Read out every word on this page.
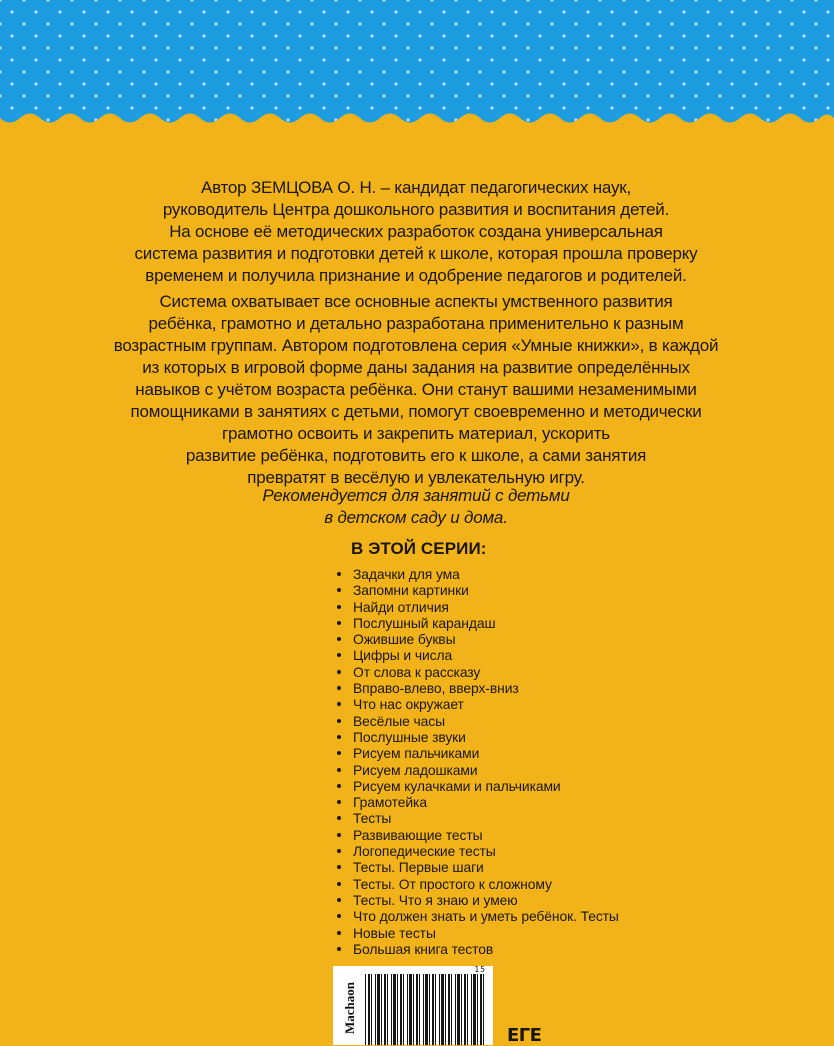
Автор ЗЕМЦОВА О. Н. – кандидат педагогических наук,
руководитель Центра дошкольного развития и воспитания детей.
На основе её методических разработок создана универсальная
система развития и подготовки детей к школе, которая прошла проверку
временем и получила признание и одобрение педагогов и родителей.
Система охватывает все основные аспекты умственного развития
ребёнка, грамотно и детально разработана применительно к разным
возрастным группам. Автором подготовлена серия «Умные книжки», в каждой
из которых в игровой форме даны задания на развитие определённых
навыков с учётом возраста ребёнка. Они станут вашими незаменимыми
помощниками в занятиях с детьми, помогут своевременно и методически
грамотно освоить и закрепить материал, ускорить
развитие ребёнка, подготовить его к школе, а сами занятия
превратят в весёлую и увлекательную игру.
Рекомендуется для занятий с детьми
в детском саду и дома.
В ЭТОЙ СЕРИИ:
Задачки для ума
Запомни картинки
Найди отличия
Послушный карандаш
Ожившие буквы
Цифры и числа
От слова к рассказу
Вправо-влево, вверх-вниз
Что нас окружает
Весёлые часы
Послушные звуки
Рисуем пальчиками
Рисуем ладошками
Рисуем кулачками и пальчиками
Грамотейка
Тесты
Развивающие тесты
Логопедические тесты
Тесты. Первые шаги
Тесты. От простого к сложному
Тесты. Что я знаю и умею
Что должен знать и уметь ребёнок. Тесты
Новые тесты
Большая книга тестов
Machaon
15
ЕГЕ
